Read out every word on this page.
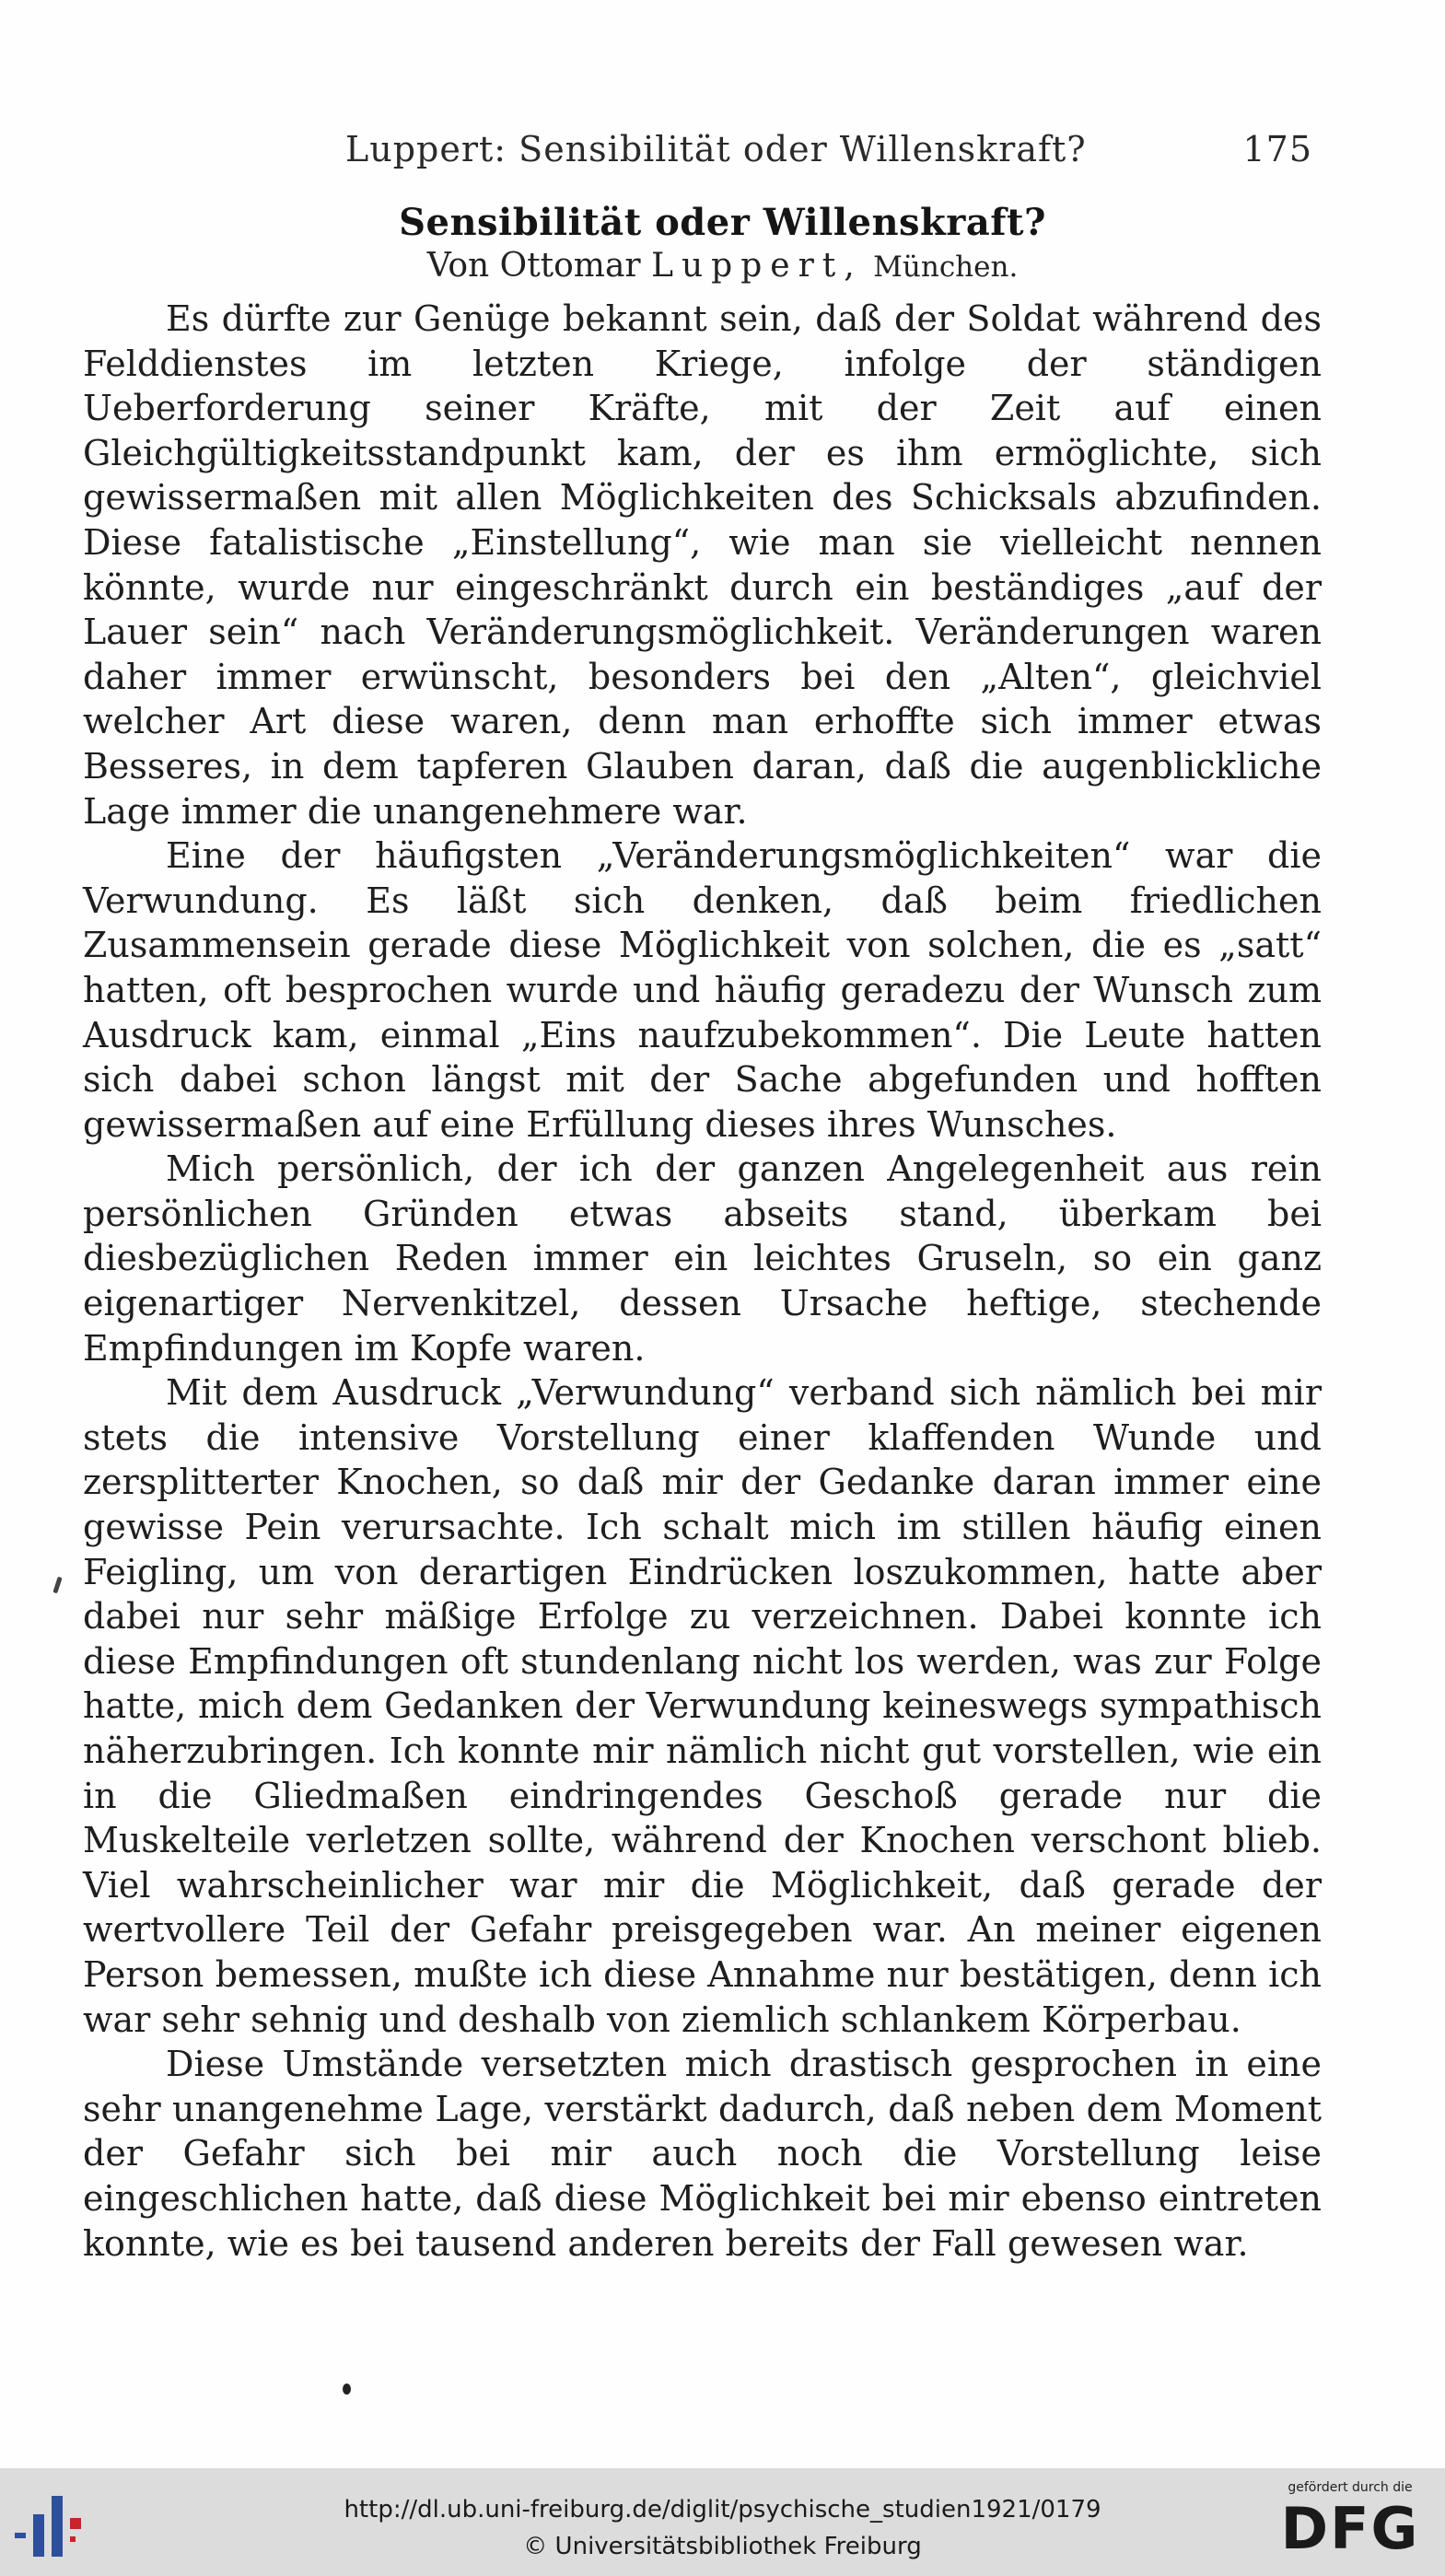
Luppert: Sensibilität oder Willenskraft?	175
Sensibilität oder Willenskraft?
Von Ottomar Luppert, München.

Es dürfte zur Genüge bekannt sein, daß der Soldat während des Felddienstes im letzten Kriege, infolge der ständigen Ueberforderung seiner Kräfte, mit der Zeit auf einen Gleichgültigkeitsstandpunkt kam, der es ihm ermöglichte, sich gewissermaßen mit allen Möglichkeiten des Schicksals abzufinden. Diese fatalistische „Einstellung“, wie man sie vielleicht nennen könnte, wurde nur eingeschränkt durch ein beständiges „auf der Lauer sein“ nach Veränderungsmöglichkeit. Veränderungen waren daher immer erwünscht, besonders bei den „Alten“, gleichviel welcher Art diese waren, denn man erhoffte sich immer etwas Besseres, in dem tapferen Glauben daran, daß die augenblickliche Lage immer die unangenehmere war.

Eine der häufigsten „Veränderungsmöglichkeiten“ war die Verwundung. Es läßt sich denken, daß beim friedlichen Zusammensein gerade diese Möglichkeit von solchen, die es „satt“ hatten, oft besprochen wurde und häufig geradezu der Wunsch zum Ausdruck kam, einmal „Eins naufzubekommen“. Die Leute hatten sich dabei schon längst mit der Sache abgefunden und hofften gewissermaßen auf eine Erfüllung dieses ihres Wunsches.

Mich persönlich, der ich der ganzen Angelegenheit aus rein persönlichen Gründen etwas abseits stand, überkam bei diesbezüglichen Reden immer ein leichtes Gruseln, so ein ganz eigenartiger Nervenkitzel, dessen Ursache heftige, stechende Empfindungen im Kopfe waren.

Mit dem Ausdruck „Verwundung“ verband sich nämlich bei mir stets die intensive Vorstellung einer klaffenden Wunde und zersplitterter Knochen, so daß mir der Gedanke daran immer eine gewisse Pein verursachte. Ich schalt mich im stillen häufig einen Feigling, um von derartigen Eindrücken loszukommen, hatte aber dabei nur sehr mäßige Erfolge zu verzeichnen. Dabei konnte ich diese Empfindungen oft stundenlang nicht los werden, was zur Folge hatte, mich dem Gedanken der Verwundung keineswegs sympathisch näherzubringen. Ich konnte mir nämlich nicht gut vorstellen, wie ein in die Gliedmaßen eindringendes Geschoß gerade nur die Muskelteile verletzen sollte, während der Knochen verschont blieb. Viel wahrscheinlicher war mir die Möglichkeit, daß gerade der wertvollere Teil der Gefahr preisgegeben war. An meiner eigenen Person bemessen, mußte ich diese Annahme nur bestätigen, denn ich war sehr sehnig und deshalb von ziemlich schlankem Körperbau.

Diese Umstände versetzten mich drastisch gesprochen in eine sehr unangenehme Lage, verstärkt dadurch, daß neben dem Moment der Gefahr sich bei mir auch noch die Vorstellung leise eingeschlichen hatte, daß diese Möglichkeit bei mir ebenso eintreten konnte, wie es bei tausend anderen bereits der Fall gewesen war.

http://dl.ub.uni-freiburg.de/diglit/psychische_studien1921/0179
© Universitätsbibliothek Freiburg
gefördert durch die
DFG
